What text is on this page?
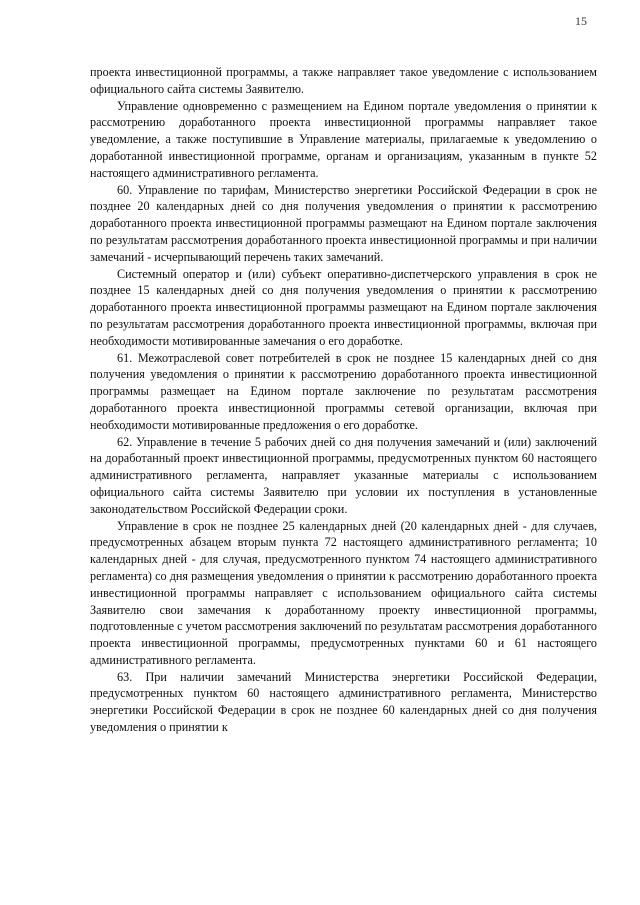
15

проекта инвестиционной программы, а также направляет такое уведомление с использованием официального сайта системы Заявителю.

Управление одновременно с размещением на Едином портале уведомления о принятии к рассмотрению доработанного проекта инвестиционной программы направляет такое уведомление, а также поступившие в Управление материалы, прилагаемые к уведомлению о доработанной инвестиционной программе, органам и организациям, указанным в пункте 52 настоящего административного регламента.

60. Управление по тарифам, Министерство энергетики Российской Федерации в срок не позднее 20 календарных дней со дня получения уведомления о принятии к рассмотрению доработанного проекта инвестиционной программы размещают на Едином портале заключения по результатам рассмотрения доработанного проекта инвестиционной программы и при наличии замечаний - исчерпывающий перечень таких замечаний.

Системный оператор и (или) субъект оперативно-диспетчерского управления в срок не позднее 15 календарных дней со дня получения уведомления о принятии к рассмотрению доработанного проекта инвестиционной программы размещают на Едином портале заключения по результатам рассмотрения доработанного проекта инвестиционной программы, включая при необходимости мотивированные замечания о его доработке.

61. Межотраслевой совет потребителей в срок не позднее 15 календарных дней со дня получения уведомления о принятии к рассмотрению доработанного проекта инвестиционной программы размещает на Едином портале заключение по результатам рассмотрения доработанного проекта инвестиционной программы сетевой организации, включая при необходимости мотивированные предложения о его доработке.

62. Управление в течение 5 рабочих дней со дня получения замечаний и (или) заключений на доработанный проект инвестиционной программы, предусмотренных пунктом 60 настоящего административного регламента, направляет указанные материалы с использованием официального сайта системы Заявителю при условии их поступления в установленные законодательством Российской Федерации сроки.

Управление в срок не позднее 25 календарных дней (20 календарных дней - для случаев, предусмотренных абзацем вторым пункта 72 настоящего административного регламента; 10 календарных дней - для случая, предусмотренного пунктом 74 настоящего административного регламента) со дня размещения уведомления о принятии к рассмотрению доработанного проекта инвестиционной программы направляет с использованием официального сайта системы Заявителю свои замечания к доработанному проекту инвестиционной программы, подготовленные с учетом рассмотрения заключений по результатам рассмотрения доработанного проекта инвестиционной программы, предусмотренных пунктами 60 и 61 настоящего административного регламента.

63. При наличии замечаний Министерства энергетики Российской Федерации, предусмотренных пунктом 60 настоящего административного регламента, Министерство энергетики Российской Федерации в срок не позднее 60 календарных дней со дня получения уведомления о принятии к
